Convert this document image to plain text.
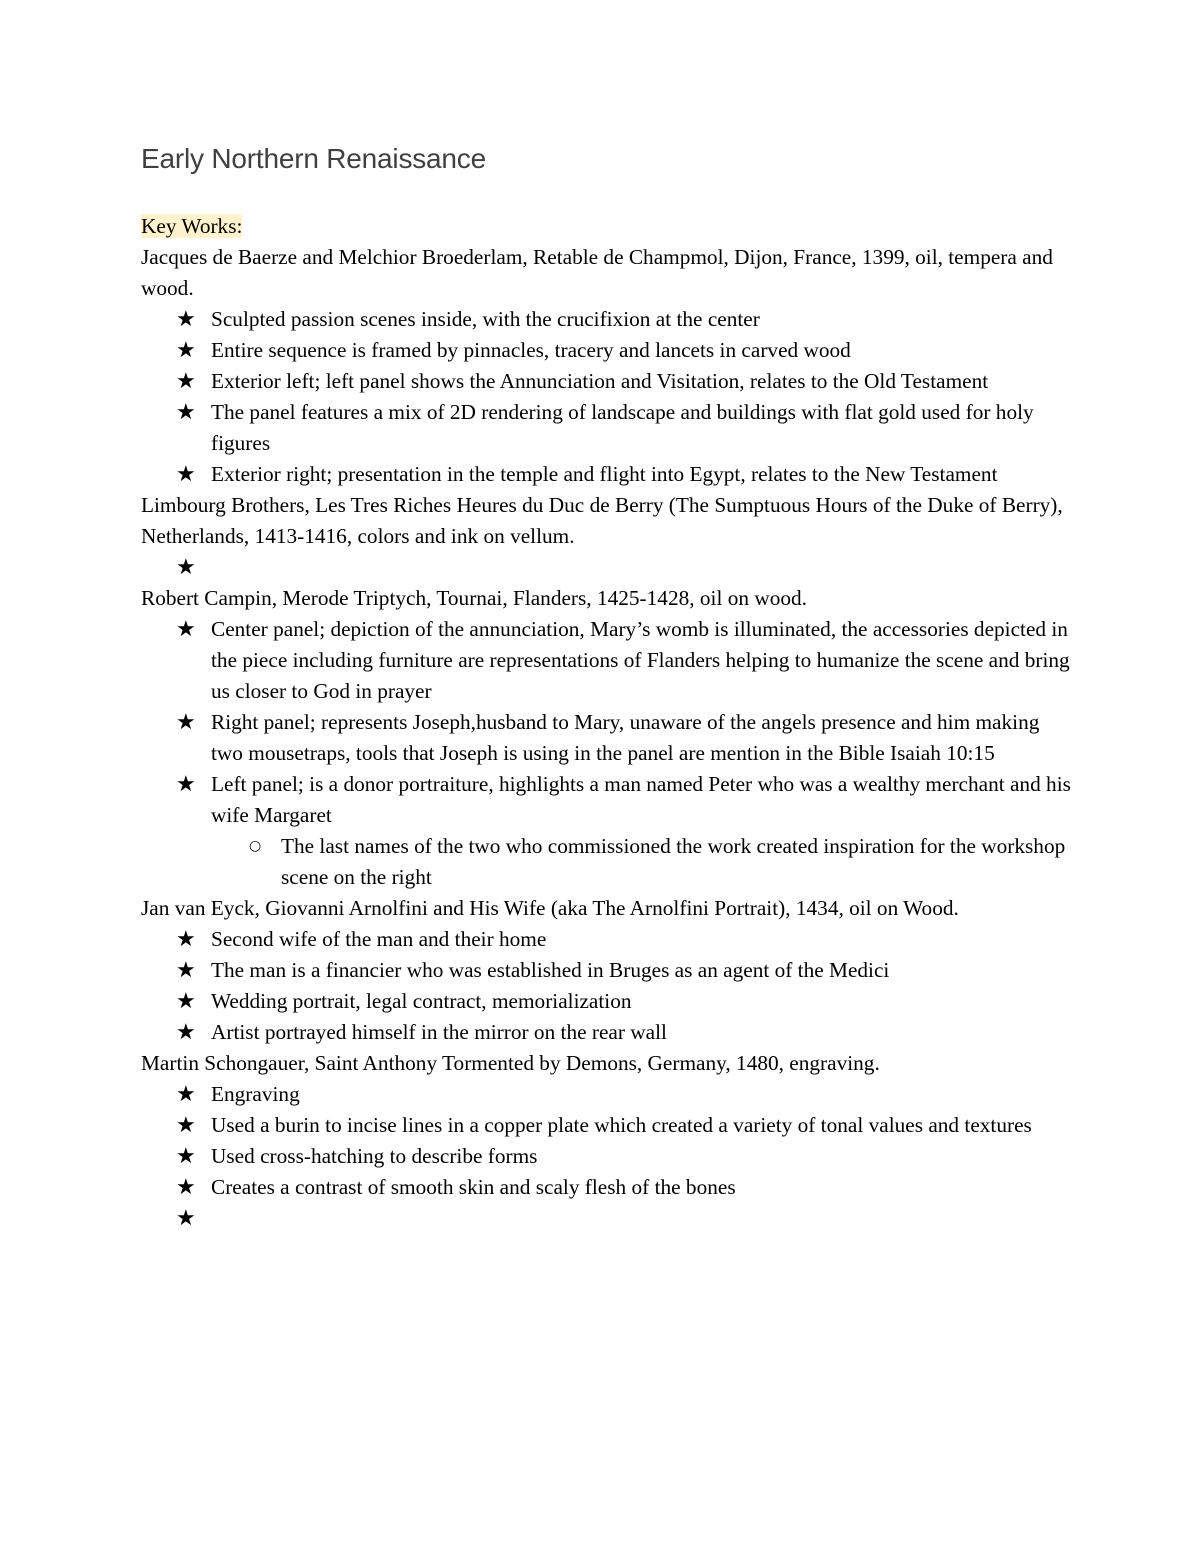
Early Northern Renaissance

Key Works:

Jacques de Baerze and Melchior Broederlam, Retable de Champmol, Dijon, France, 1399, oil, tempera and wood.

★ Sculpted passion scenes inside, with the crucifixion at the center
★ Entire sequence is framed by pinnacles, tracery and lancets in carved wood
★ Exterior left; left panel shows the Annunciation and Visitation, relates to the Old Testament
★ The panel features a mix of 2D rendering of landscape and buildings with flat gold used for holy figures
★ Exterior right; presentation in the temple and flight into Egypt, relates to the New Testament

Limbourg Brothers, Les Tres Riches Heures du Duc de Berry (The Sumptuous Hours of the Duke of Berry), Netherlands, 1413-1416, colors and ink on vellum.

★

Robert Campin, Merode Triptych, Tournai, Flanders, 1425-1428, oil on wood.

★ Center panel; depiction of the annunciation, Mary’s womb is illuminated, the accessories depicted in the piece including furniture are representations of Flanders helping to humanize the scene and bring us closer to God in prayer
★ Right panel; represents Joseph,husband to Mary, unaware of the angels presence and him making two mousetraps, tools that Joseph is using in the panel are mention in the Bible Isaiah 10:15
★ Left panel; is a donor portraiture, highlights a man named Peter who was a wealthy merchant and his wife Margaret
○ The last names of the two who commissioned the work created inspiration for the workshop scene on the right

Jan van Eyck, Giovanni Arnolfini and His Wife (aka The Arnolfini Portrait), 1434, oil on Wood.

★ Second wife of the man and their home
★ The man is a financier who was established in Bruges as an agent of the Medici
★ Wedding portrait, legal contract, memorialization
★ Artist portrayed himself in the mirror on the rear wall

Martin Schongauer, Saint Anthony Tormented by Demons, Germany, 1480, engraving.

★ Engraving
★ Used a burin to incise lines in a copper plate which created a variety of tonal values and textures
★ Used cross-hatching to describe forms
★ Creates a contrast of smooth skin and scaly flesh of the bones
★
